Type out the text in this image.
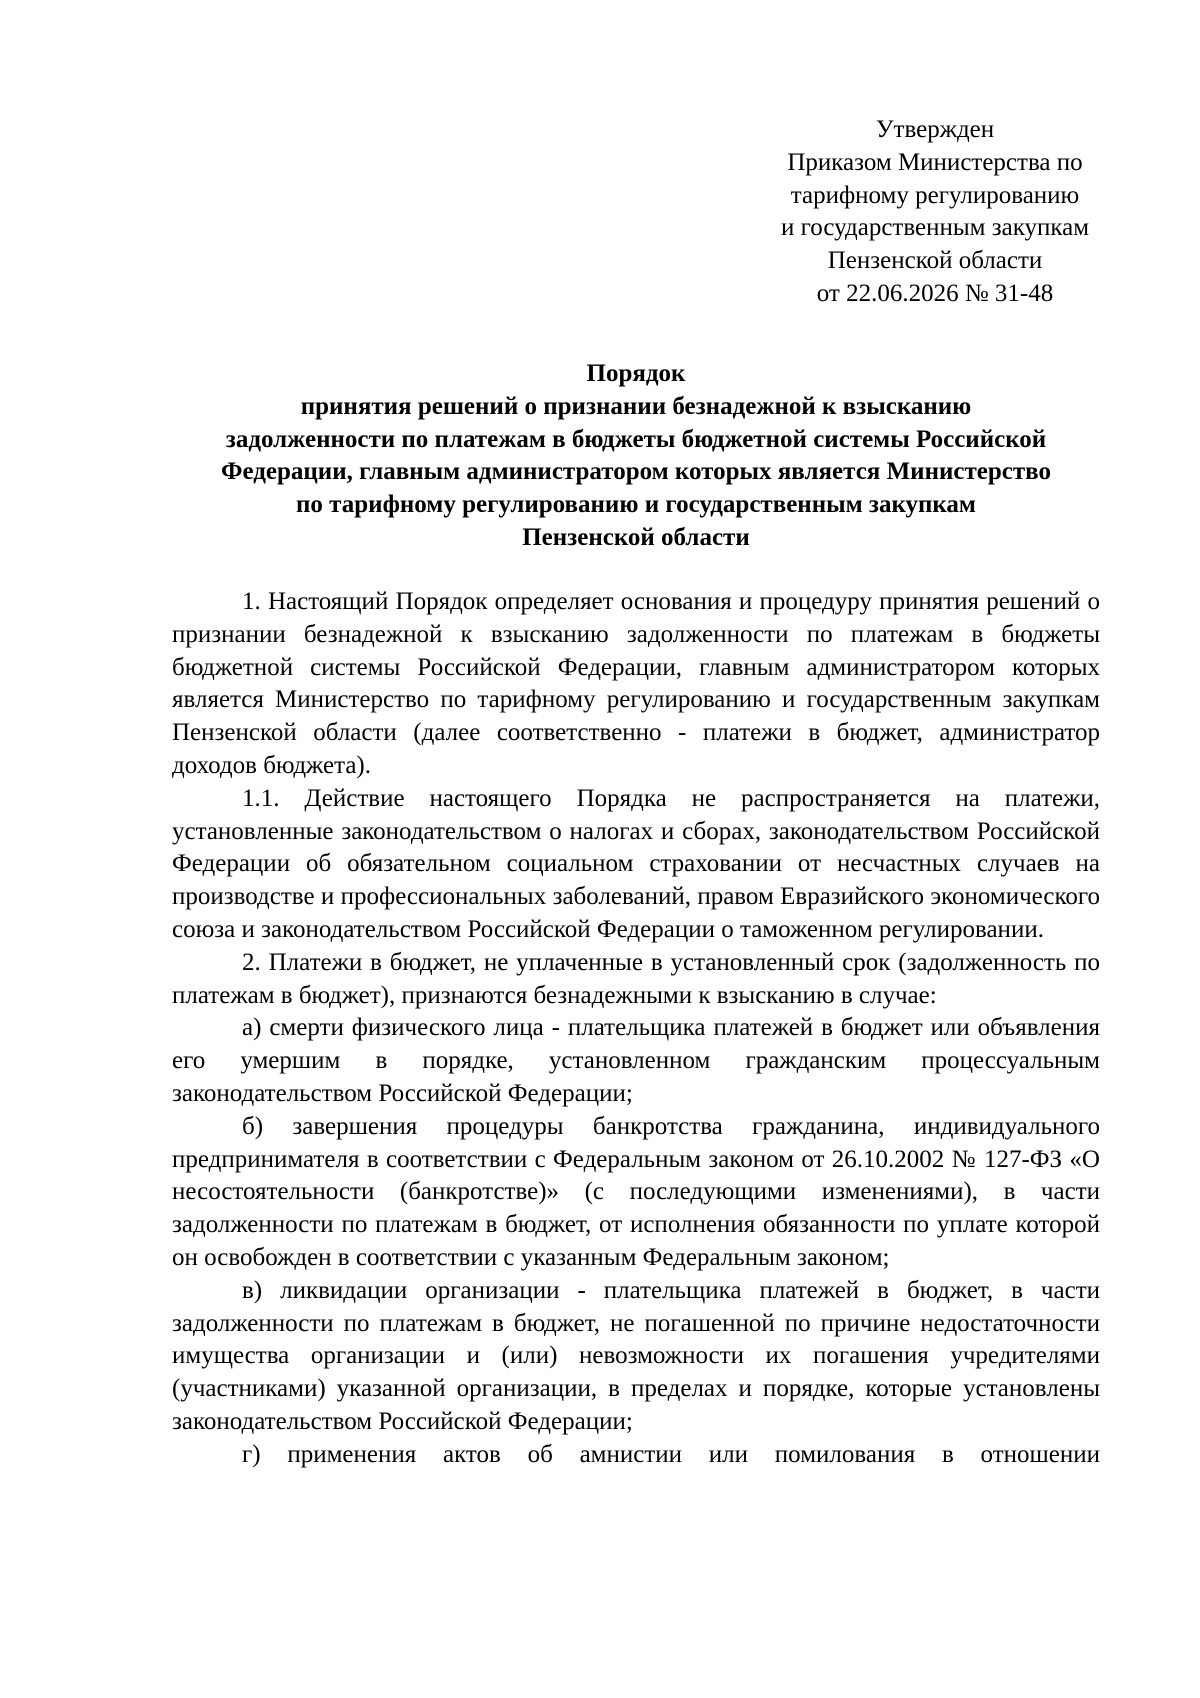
Утвержден
Приказом Министерства по
тарифному регулированию
и государственным закупкам
Пензенской области
от 22.06.2026 № 31-48
Порядок
принятия решений о признании безнадежной к взысканию
задолженности по платежам в бюджеты бюджетной системы Российской
Федерации, главным администратором которых является Министерство
по тарифному регулированию и государственным закупкам
Пензенской области

1. Настоящий Порядок определяет основания и процедуру принятия решений о признании безнадежной к взысканию задолженности по платежам в бюджеты бюджетной системы Российской Федерации, главным администратором которых является Министерство по тарифному регулированию и государственным закупкам Пензенской области (далее соответственно - платежи в бюджет, администратор доходов бюджета).

1.1. Действие настоящего Порядка не распространяется на платежи, установленные законодательством о налогах и сборах, законодательством Российской Федерации об обязательном социальном страховании от несчастных случаев на производстве и профессиональных заболеваний, правом Евразийского экономического союза и законодательством Российской Федерации о таможенном регулировании.

2. Платежи в бюджет, не уплаченные в установленный срок (задолженность по платежам в бюджет), признаются безнадежными к взысканию в случае:

а) смерти физического лица - плательщика платежей в бюджет или объявления его умершим в порядке, установленном гражданским процессуальным законодательством Российской Федерации;

б) завершения процедуры банкротства гражданина, индивидуального предпринимателя в соответствии с Федеральным законом от 26.10.2002 № 127-ФЗ «О несостоятельности (банкротстве)» (с последующими изменениями), в части задолженности по платежам в бюджет, от исполнения обязанности по уплате которой он освобожден в соответствии с указанным Федеральным законом;

в) ликвидации организации - плательщика платежей в бюджет, в части задолженности по платежам в бюджет, не погашенной по причине недостаточности имущества организации и (или) невозможности их погашения учредителями (участниками) указанной организации, в пределах и порядке, которые установлены законодательством Российской Федерации;

г) применения актов об амнистии или помилования в отношении
